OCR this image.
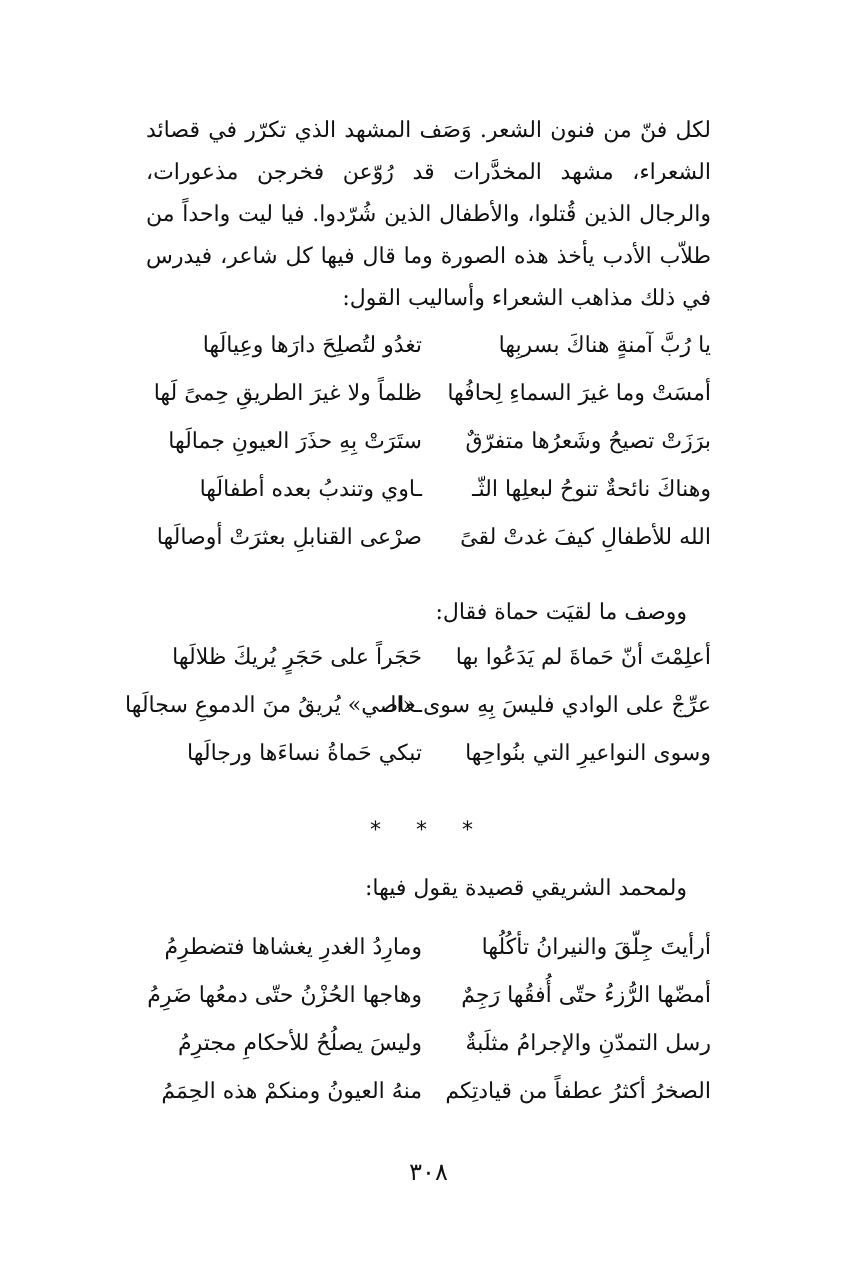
لكل فنّ من فنون الشعر. وَصَف المشهد الذي تكرّر في قصائد الشعراء، مشهد المخدَّرات قد رُوّعن فخرجن مذعورات، والرجال الذين قُتلوا، والأطفال الذين شُرّدوا. فيا ليت واحداً من طلاّب الأدب يأخذ هذه الصورة وما قال فيها كل شاعر، فيدرس في ذلك مذاهب الشعراء وأساليب القول:

يا رُبَّ آمنةٍ هناكَ بسربِها
تغدُو لتُصلِحَ دارَها وعِيالَها
أمسَتْ وما غيرَ السماءِ لِحافُها
ظلماً ولا غيرَ الطريقِ حِمىً لَها
برَزَتْ تصيحُ وشَعرُها متفرّقٌ
ستَرَتْ بِهِ حذَرَ العيونِ جمالَها
وهناكَ نائحةٌ تنوحُ لبعلِها الثّـ
ـاوي وتندبُ بعده أطفالَها
الله للأطفالِ كيفَ غدتْ لقىً
صرْعى القنابلِ بعثرَتْ أوصالَها
ووصف ما لقيَت حماة فقال:
أعلِمْتَ أنّ حَماةَ لم يَدَعُوا بها
حَجَراً على حَجَرٍ يُريكَ ظلالَها
عرِّجْ على الوادي فليسَ بِهِ سوى «الـ
ـعاصي» يُريقُ منَ الدموعِ سجالَها
وسوى النواعيرِ التي بنُواحِها
تبكي حَماةُ نساءَها ورجالَها
* * *
ولمحمد الشريقي قصيدة يقول فيها:
أرأيتَ جِلّقَ والنيرانُ تأكُلُها
ومارِدُ الغدرِ يغشاها فتضطرِمُ
أمضّها الرُّزءُ حتّى أُفقُها رَجِمٌ
وهاجها الحُزْنُ حتّى دمعُها ضَرِمُ
رسل التمدّنِ والإجرامُ مثلَبةٌ
وليسَ يصلُحُ للأحكامِ مجترِمُ
الصخرُ أكثرُ عطفاً من قيادتِكم
منهُ العيونُ ومنكمْ هذه الحِمَمُ
٣٠٨
